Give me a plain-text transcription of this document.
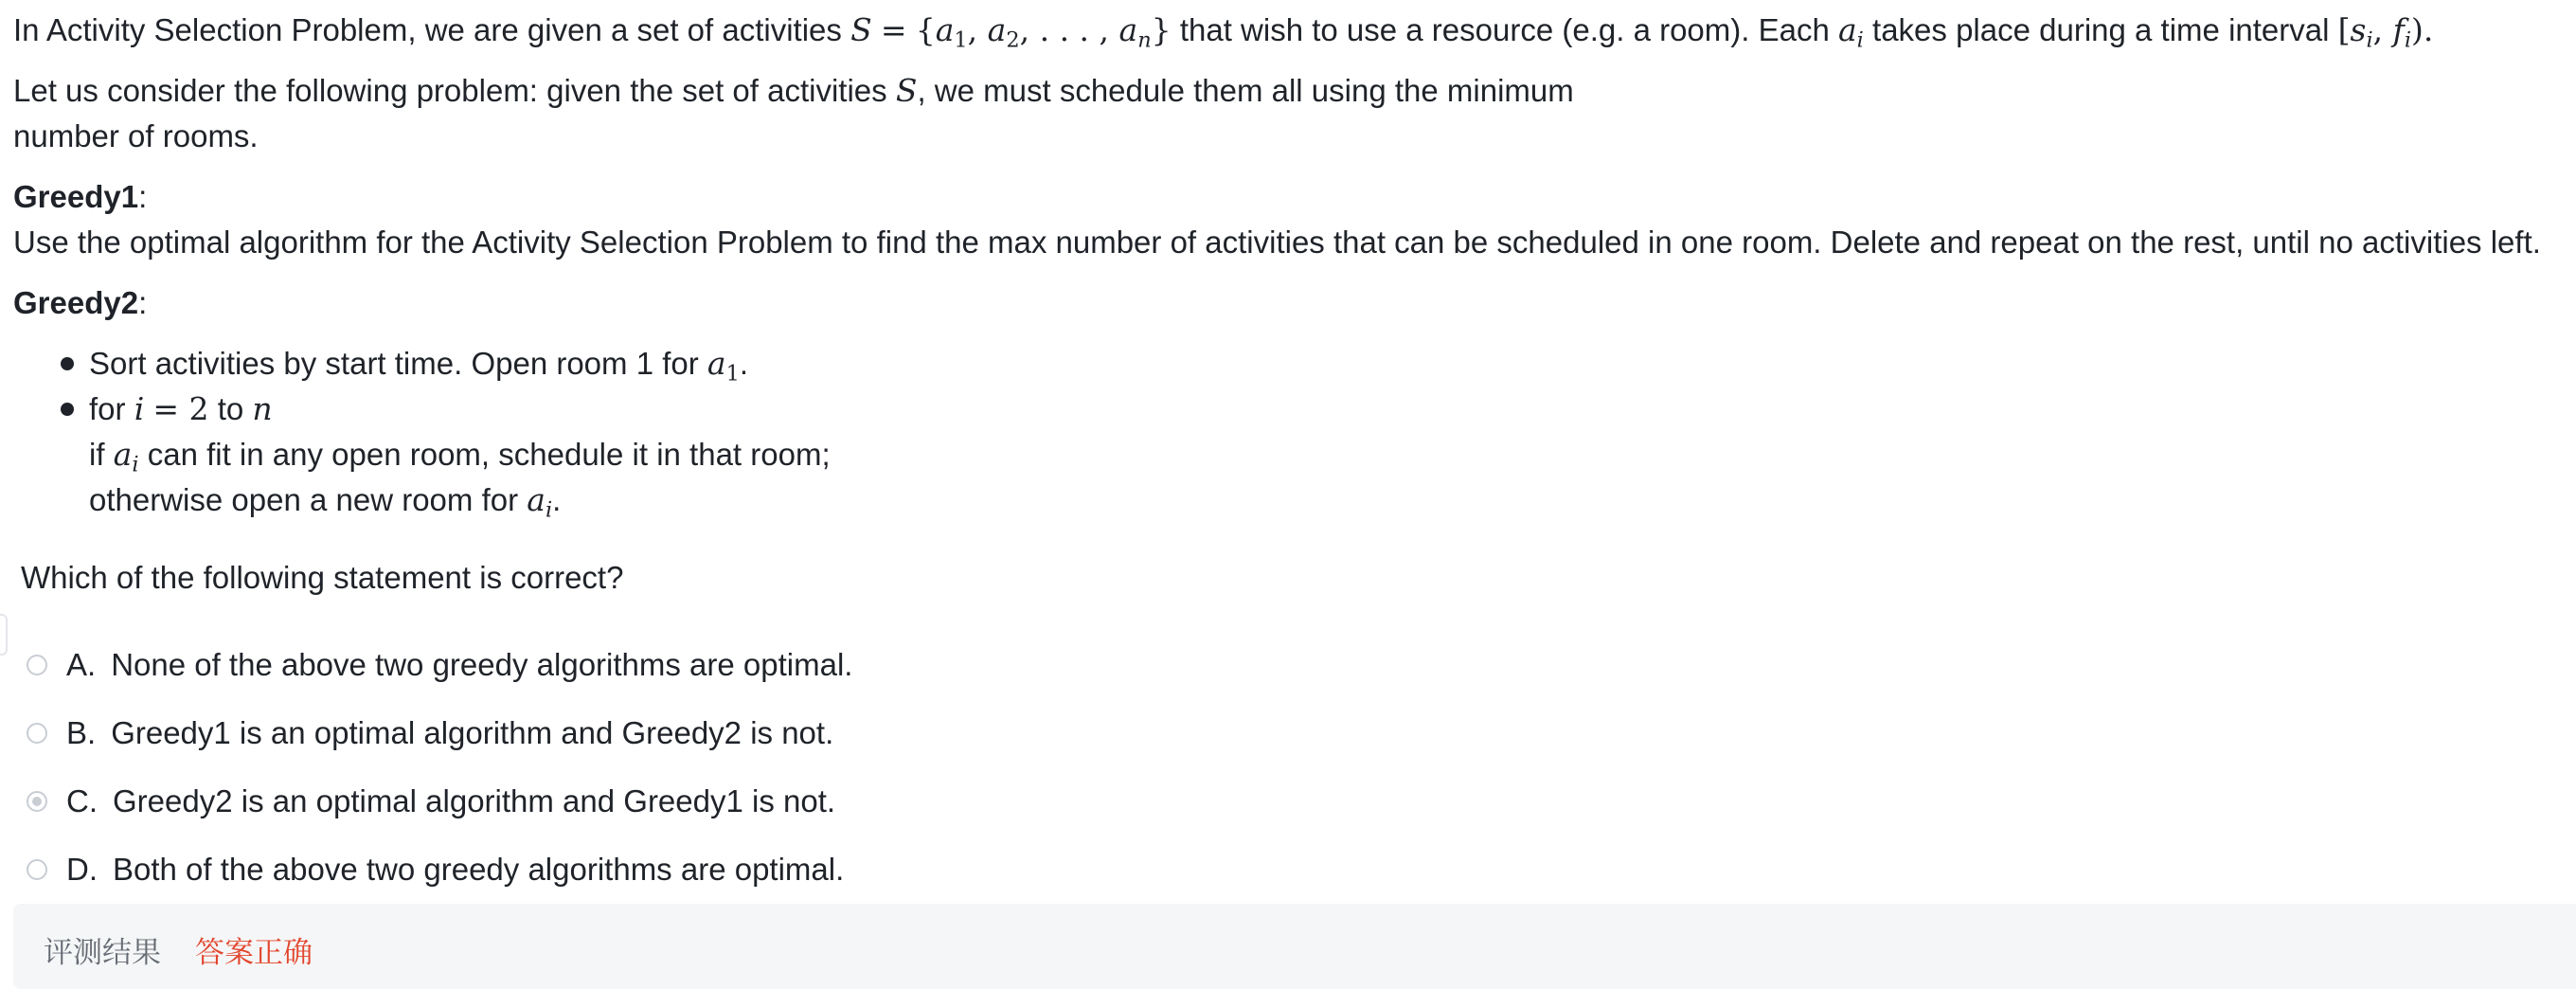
In Activity Selection Problem, we are given a set of activities $S = \{a_1$, $a_2$, . . . , $a_n$} that wish to use a resource (e.g. a room). Each $a_i$ takes place during a time interval [$s_i$, $f_i$).
Let us consider the following problem: given the set of activities S, we must schedule them all using the minimum
number of rooms.
Greedy1:
Use the optimal algorithm for the Activity Selection Problem to find the max number of activities that can be scheduled in one room. Delete and repeat on the rest, until no activities left.
Greedy2:
Sort activities by start time. Open room 1 for $a_1$.
for i = 2 to n
if $a_i$ can fit in any open room, schedule it in that room;
otherwise open a new room for $a_i$.
Which of the following statement is correct?
A. None of the above two greedy algorithms are optimal.
B. Greedy1 is an optimal algorithm and Greedy2 is not.
C. Greedy2 is an optimal algorithm and Greedy1 is not.
D. Both of the above two greedy algorithms are optimal.
评测结果 答案正确
